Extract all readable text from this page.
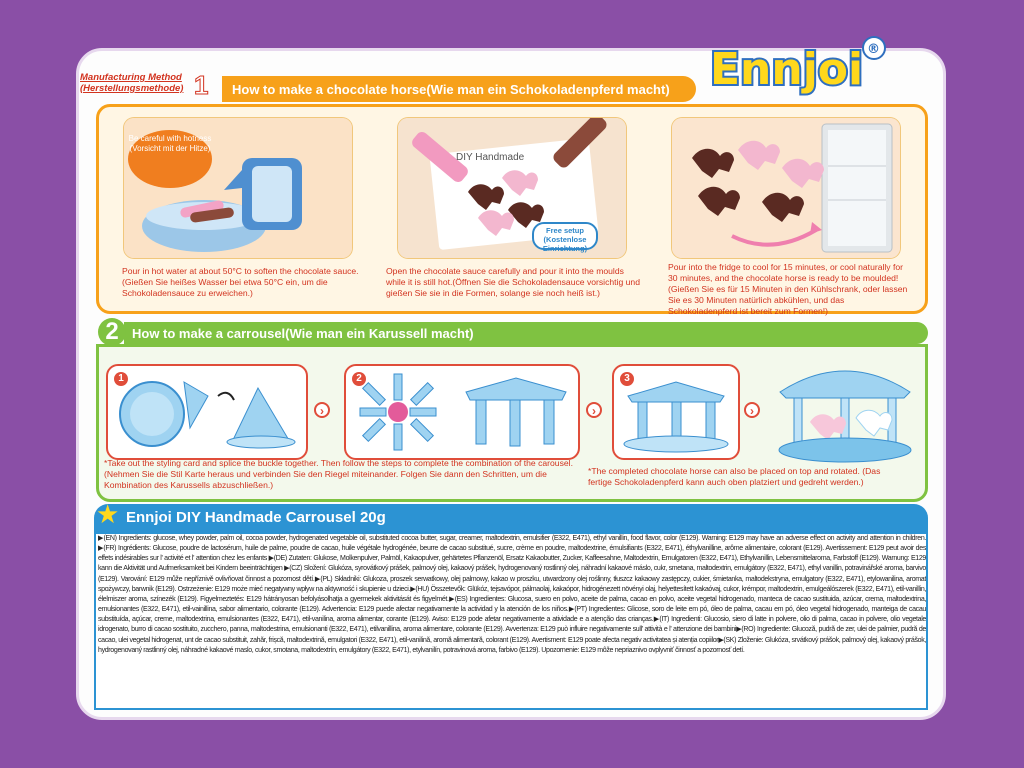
Ennjoi ®
Manufacturing Method
(Herstellungsmethode) 1 How to make a chocolate horse(Wie man ein Schokoladenpferd macht)
Be careful with hotness (Vorsicht mit der Hitze)
DIY Handmade
Free setup (Kostenlose Einrichtung)
Pour in hot water at about 50°C to soften the chocolate sauce.(Gießen Sie heißes Wasser bei etwa 50°C ein, um die Schokoladensauce zu erweichen.)
Open the chocolate sauce carefully and pour it into the moulds while it is still hot.(Öffnen Sie die Schokoladensauce vorsichtig und gießen Sie sie in die Formen, solange sie noch heiß ist.)
Pour into the fridge to cool for 15 minutes, or cool naturally for 30 minutes, and the chocolate horse is ready to be moulded!(Gießen Sie es für 15 Minuten in den Kühlschrank, oder lassen Sie es 30 Minuten natürlich abkühlen, und das Schokoladenpferd ist bereit zum Formen!)
2	How to make a carrousel(Wie man ein Karussell macht)
1
›
2
›
3
›
*Take out the styling card and splice the buckle together. Then follow the steps to complete the combination of the carousel. (Nehmen Sie die Stil Karte heraus und verbinden Sie den Riegel miteinander. Folgen Sie dann den Schritten, um die Kombination des Karussells abzuschließen.)
*The completed chocolate horse can also be placed on top and rotated. (Das fertige Schokoladenpferd kann auch oben platziert und gedreht werden.)
★ Ennjoi DIY Handmade Carrousel 20g
▶(EN) Ingredients: glucose, whey powder, palm oil, cocoa powder, hydrogenated vegetable oil, substituted cocoa butter, sugar, creamer, maltodextrin, emulsifier (E322, E471), ethyl vanillin, food flavor, color (E129). Warning: E129 may have an adverse effect on activity and attention in children. ▶(FR) Ingrédients: Glucose, poudre de lactosérum, huile de palme, poudre de cacao, huile végétale hydrogénée, beurre de cacao substitué, sucre, crème en poudre, maltodextrine, émulsifiants (E322, E471), éthylvanilline, arôme alimentaire, colorant (E129). Avertissement: E129 peut avoir des effets indésirables sur l' activité et l' attention chez les enfants ▶(DE) Zutaten: Glukose, Molkenpulver, Palmöl, Kakaopulver, gehärtetes Pflanzenöl, Ersatz Kakaobutter, Zucker, Kaffeesahne, Maltodextrin, Emulgatoren (E322, E471), Ethylvanillin, Lebensmittelaroma, Farbstoff (E129). Warnung: E129 kann die Aktivität und Aufmerksamkeit bei Kindern beeinträchtigen ▶(CZ) Složení: Glukóza, syrovátkový prášek, palmový olej, kakaový prášek, hydrogenovaný rostlinný olej, náhradní kakaové máslo, cukr, smetana, maltodextrin, emulgátory (E322, E471), ethyl vanillin, potravinářské aroma, barvivo (E129). Varování: E129 může nepříznivě ovlivňovat činnost a pozornost dětí.▶(PL) Składniki: Glukoza, proszek serwatkowy, olej palmowy, kakao w proszku, utwardzony olej roślinny, tłuszcz kakaowy zastępczy, cukier, śmietanka, maltodekstryna, emulgatory (E322, E471), etylowanilina, aromat spożywczy, barwnik (E129). Ostrzeżenie: E129 może mieć negatywny wpływ na aktywność i skupienie u dzieci.▶(HU) Összetevők: Glükóz, tejsavópor, pálmaolaj, kakaópor, hidrogénezett növényi olaj, helyettesített kakaóvaj, cukor, krémpor, maltodextrin, emulgeálószerek (E322, E471), etil-vanillin, élelmiszer aroma, színezék (E129). Figyelmeztetés: E129 hátrányosan befolyásolhatja a gyermekek aktivitását és figyelmét.▶(ES) Ingredientes: Glucosa, suero en polvo, aceite de palma, cacao en polvo, aceite vegetal hidrogenado, manteca de cacao sustituida, azúcar, crema, maltodextrina, emulsionantes (E322, E471), etil-vainillina, sabor alimentario, colorante (E129). Advertencia: E129 puede afectar negativamente la actividad y la atención de los niños.▶(PT) Ingredientes: Glicose, soro de leite em pó, óleo de palma, cacau em pó, óleo vegetal hidrogenado, manteiga de cacau substituída, açúcar, creme, maltodextrina, emulsionantes (E322, E471), etil-vanilina, aroma alimentar, corante (E129). Aviso: E129 pode afetar negativamente a atividade e a atenção das crianças.▶(IT) Ingredienti: Glucosio, siero di latte in polvere, olio di palma, cacao in polvere, olio vegetale idrogenato, burro di cacao sostituito, zucchero, panna, maltodestrina, emulsionanti (E322, E471), etilvanillina, aroma alimentare, colorante (E129). Avvertenza: E129 può influire negativamente sull' attività e l' attenzione dei bambini▶(RO) Ingrediente: Glucoză, pudră de zer, ulei de palmier, pudră de cacao, ulei vegetal hidrogenat, unt de cacao substituit, zahăr, frișcă, maltodextrină, emulgatori (E322, E471), etil-vanilină, aromă alimentară, colorant (E129). Avertisment: E129 poate afecta negativ activitatea și atenția copiilor▶(SK) Zloženie: Glukóza, srvátkový prášok, palmový olej, kakaový prášok, hydrogenovaný rastlinný olej, náhradné kakaové maslo, cukor, smotana, maltodextrín, emulgátory (E322, E471), etylvanilín, potravinová aroma, farbivo (E129). Upozornenie: E129 môže nepriaznivo ovplyvniť činnosť a pozornosť detí.
